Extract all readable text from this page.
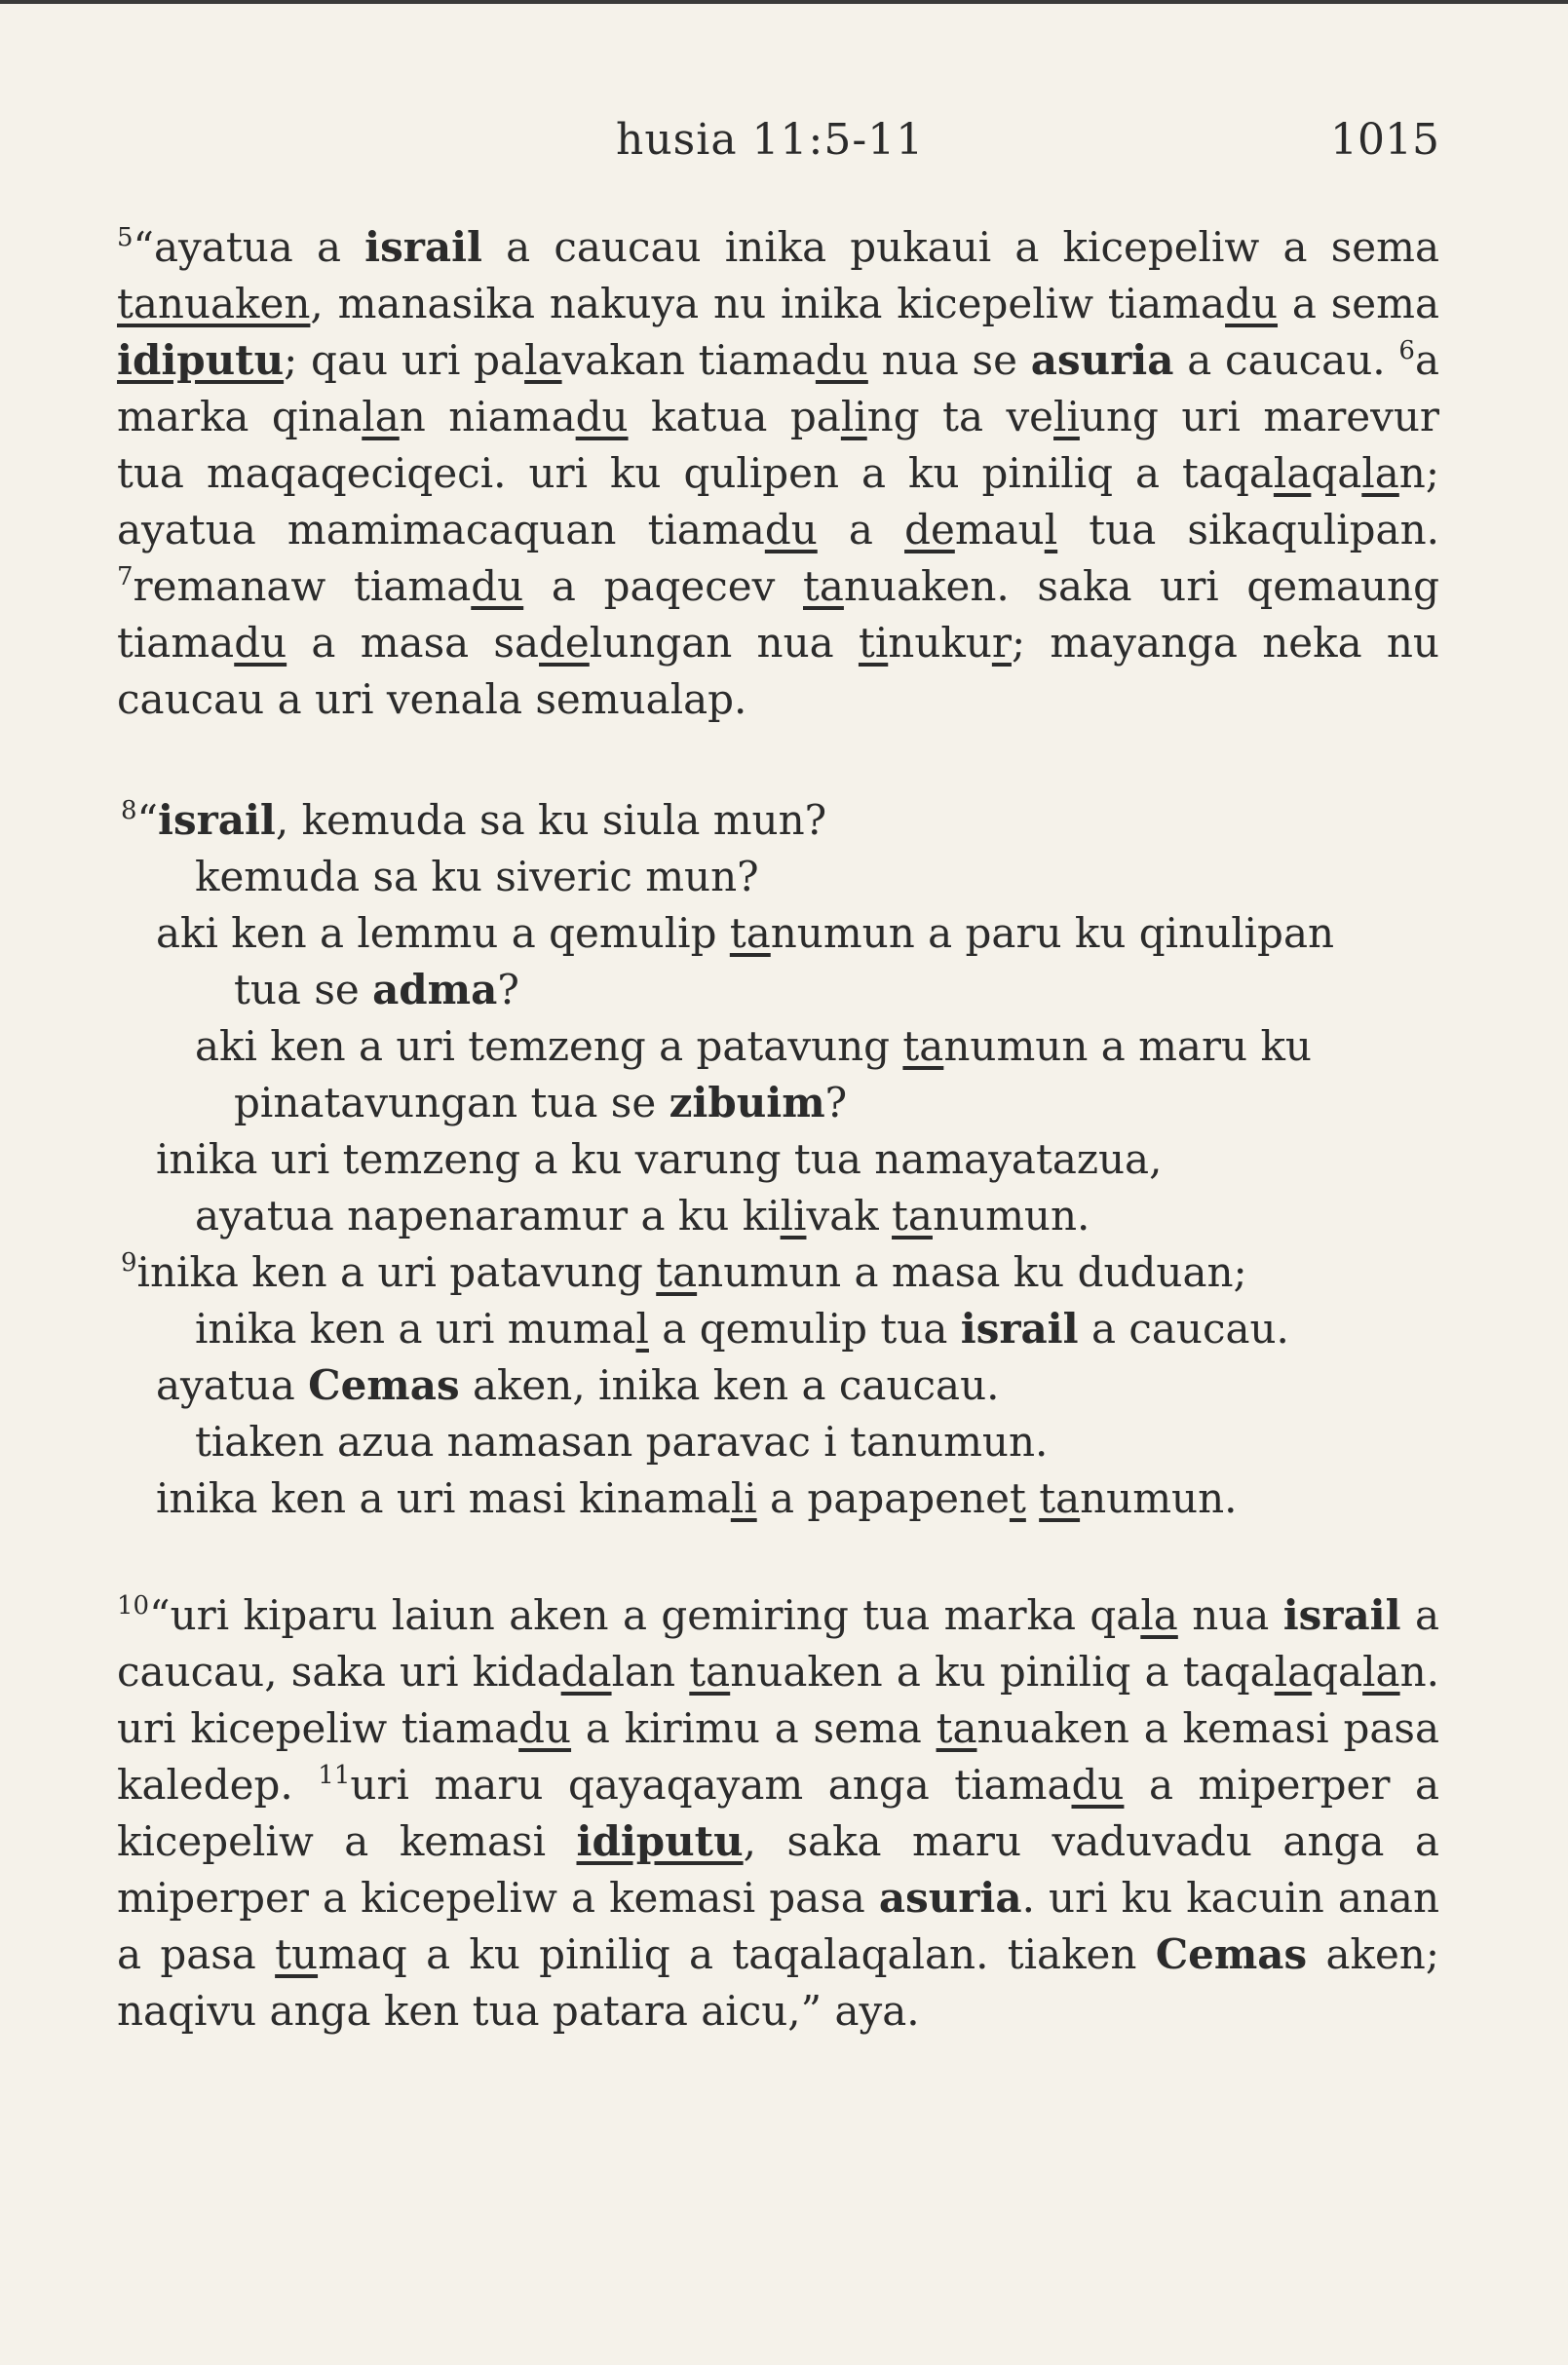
husia 11:5-11	1015

$^5$“ayatua a israil a caucau inika pukaui a kicepeliw a sema tanuaken, manasika nakuya nu inika kicepeliw tiamadu a sema idiputu; qau uri palavakan tiamadu nua se asuria a caucau. $^6$a marka qinalan niamadu katua paling ta veliung uri marevur tua maqaqeciqeci. uri ku qulipen a ku piniliq a taqalaqalan; ayatua mamimacaquan tiamadu a demaul tua sikaqulipan. $^7$remanaw tiamadu a paqecev tanuaken. saka uri qemaung tiamadu a masa sadelungan nua tinukur; mayanga neka nu caucau a uri venala semualap.

$^8$“israil, kemuda sa ku siula mun?
kemuda sa ku siveric mun?
aki ken a lemmu a qemulip tanumun a paru ku qinulipan
tua se adma?
aki ken a uri temzeng a patavung tanumun a maru ku
pinatavungan tua se zibuim?
inika uri temzeng a ku varung tua namayatazua,
ayatua napenaramur a ku kilivak tanumun.
$^9$inika ken a uri patavung tanumun a masa ku duduan;
inika ken a uri mumal a qemulip tua israil a caucau.
ayatua Cemas aken, inika ken a caucau.
tiaken azua namasan paravac i tanumun.
inika ken a uri masi kinamali a papapenet tanumun.

$^{10}$“uri kiparu laiun aken a gemiring tua marka qala nua israil a caucau, saka uri kidadalan tanuaken a ku piniliq a taqalaqalan. uri kicepeliw tiamadu a kirimu a sema tanuaken a kemasi pasa kaledep. $^{11}$uri maru qayaqayam anga tiamadu a miperper a kicepeliw a kemasi idiputu, saka maru vaduvadu anga a miperper a kicepeliw a kemasi pasa asuria. uri ku kacuin anan a pasa tumaq a ku piniliq a taqalaqalan. tiaken Cemas aken; naqivu anga ken tua patara aicu,” aya.
